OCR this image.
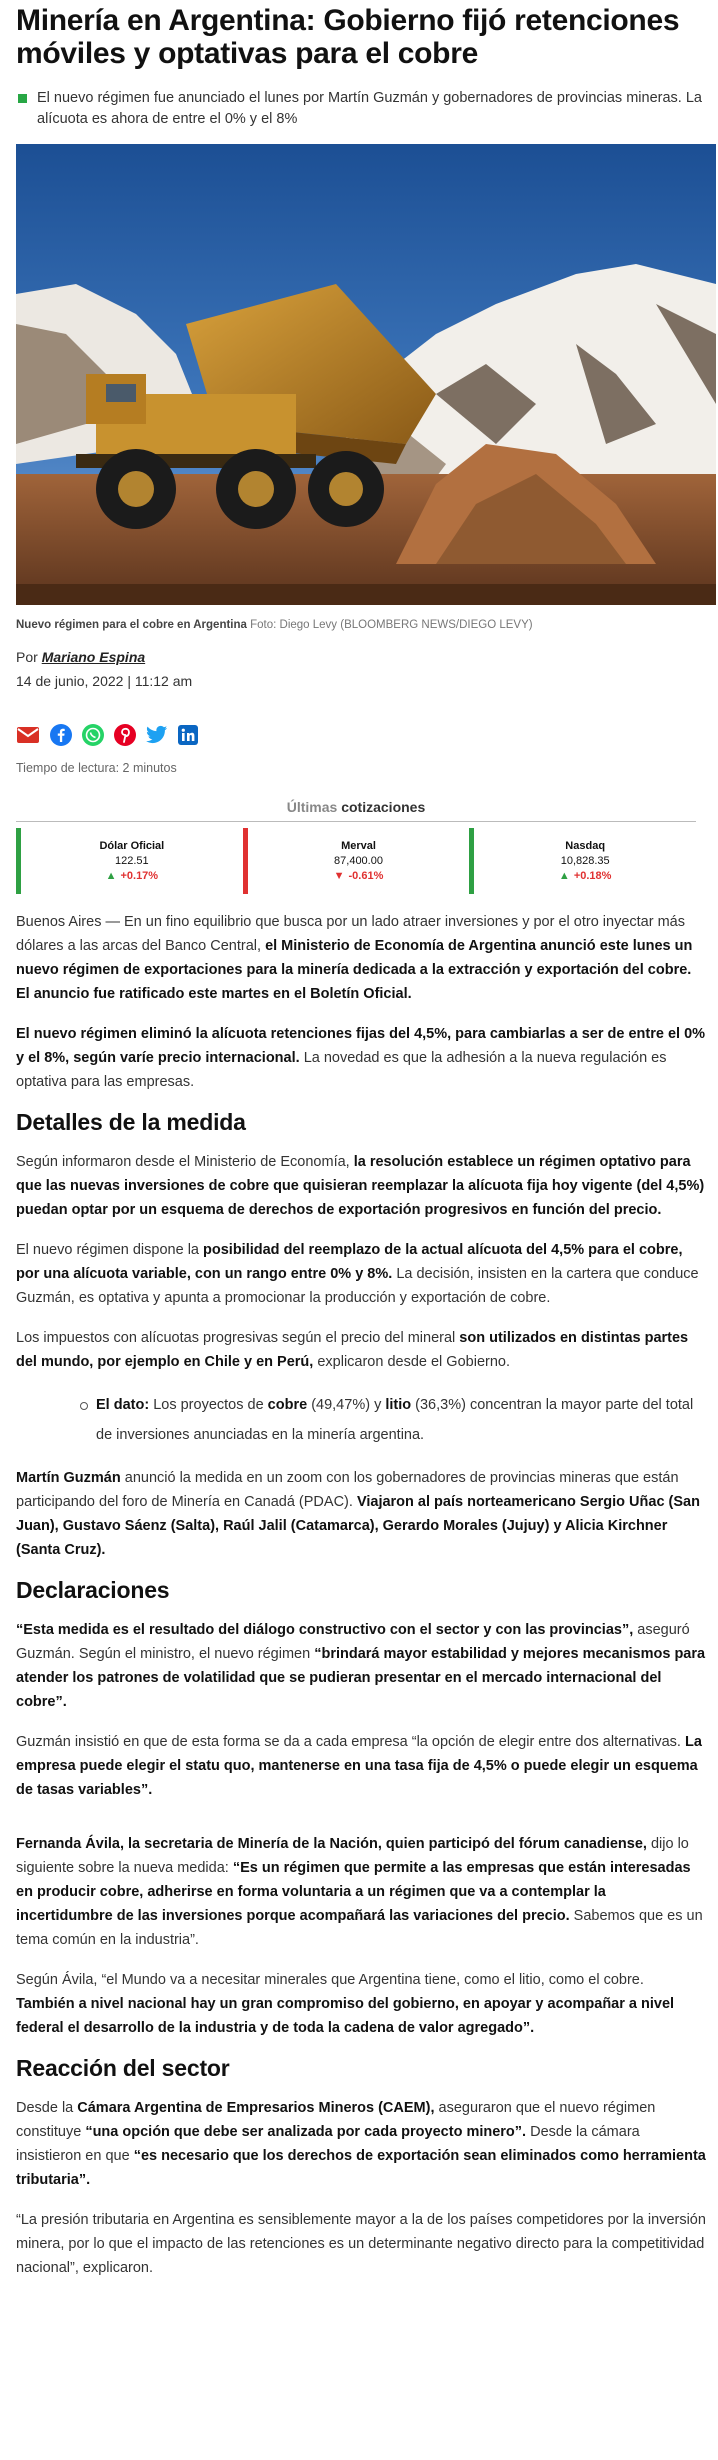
Minería en Argentina: Gobierno fijó retenciones móviles y optativas para el cobre

El nuevo régimen fue anunciado el lunes por Martín Guzmán y gobernadores de provincias mineras. La alícuota es ahora de entre el 0% y el 8%

Nuevo régimen para el cobre en Argentina Foto: Diego Levy (BLOOMBERG NEWS/DIEGO LEVY)
Por Mariano Espina
14 de junio, 2022 | 11:12 am
Tiempo de lectura: 2 minutos
Últimas cotizaciones
Dólar Oficial
122.51
▲ +0.17%
Merval
87,400.00
▼ -0.61%
Nasdaq
10,828.35
▲ +0.18%

Buenos Aires — En un fino equilibrio que busca por un lado atraer inversiones y por el otro inyectar más dólares a las arcas del Banco Central, el Ministerio de Economía de Argentina anunció este lunes un nuevo régimen de exportaciones para la minería dedicada a la extracción y exportación del cobre. El anuncio fue ratificado este martes en el Boletín Oficial.

El nuevo régimen eliminó la alícuota retenciones fijas del 4,5%, para cambiarlas a ser de entre el 0% y el 8%, según varíe precio internacional. La novedad es que la adhesión a la nueva regulación es optativa para las empresas.

Detalles de la medida

Según informaron desde el Ministerio de Economía, la resolución establece un régimen optativo para que las nuevas inversiones de cobre que quisieran reemplazar la alícuota fija hoy vigente (del 4,5%) puedan optar por un esquema de derechos de exportación progresivos en función del precio.

El nuevo régimen dispone la posibilidad del reemplazo de la actual alícuota del 4,5% para el cobre, por una alícuota variable, con un rango entre 0% y 8%. La decisión, insisten en la cartera que conduce Guzmán, es optativa y apunta a promocionar la producción y exportación de cobre.

Los impuestos con alícuotas progresivas según el precio del mineral son utilizados en distintas partes del mundo, por ejemplo en Chile y en Perú, explicaron desde el Gobierno.

El dato: Los proyectos de cobre (49,47%) y litio (36,3%) concentran la mayor parte del total de inversiones anunciadas en la minería argentina.

Martín Guzmán anunció la medida en un zoom con los gobernadores de provincias mineras que están participando del foro de Minería en Canadá (PDAC). Viajaron al país norteamericano Sergio Uñac (San Juan), Gustavo Sáenz (Salta), Raúl Jalil (Catamarca), Gerardo Morales (Jujuy) y Alicia Kirchner (Santa Cruz).

Declaraciones

“Esta medida es el resultado del diálogo constructivo con el sector y con las provincias”, aseguró Guzmán. Según el ministro, el nuevo régimen “brindará mayor estabilidad y mejores mecanismos para atender los patrones de volatilidad que se pudieran presentar en el mercado internacional del cobre”.

Guzmán insistió en que de esta forma se da a cada empresa “la opción de elegir entre dos alternativas. La empresa puede elegir el statu quo, mantenerse en una tasa fija de 4,5% o puede elegir un esquema de tasas variables”.

Fernanda Ávila, la secretaria de Minería de la Nación, quien participó del fórum canadiense, dijo lo siguiente sobre la nueva medida: “Es un régimen que permite a las empresas que están interesadas en producir cobre, adherirse en forma voluntaria a un régimen que va a contemplar la incertidumbre de las inversiones porque acompañará las variaciones del precio. Sabemos que es un tema común en la industria”.

Según Ávila, “el Mundo va a necesitar minerales que Argentina tiene, como el litio, como el cobre. También a nivel nacional hay un gran compromiso del gobierno, en apoyar y acompañar a nivel federal el desarrollo de la industria y de toda la cadena de valor agregado”.

Reacción del sector

Desde la Cámara Argentina de Empresarios Mineros (CAEM), aseguraron que el nuevo régimen constituye “una opción que debe ser analizada por cada proyecto minero”. Desde la cámara insistieron en que “es necesario que los derechos de exportación sean eliminados como herramienta tributaria”.

“La presión tributaria en Argentina es sensiblemente mayor a la de los países competidores por la inversión minera, por lo que el impacto de las retenciones es un determinante negativo directo para la competitividad nacional”, explicaron.
